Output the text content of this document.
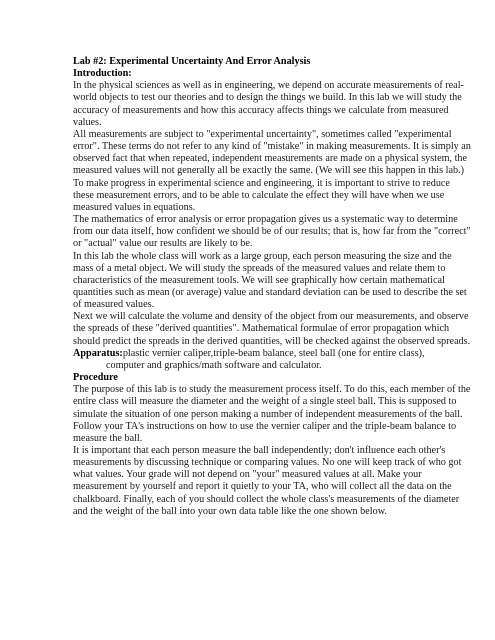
Lab #2: Experimental Uncertainty And Error Analysis
Introduction:

In the physical sciences as well as in engineering, we depend on accurate measurements of real-world objects to test our theories and to design the things we build. In this lab we will study the accuracy of measurements and how this accuracy affects things we calculate from measured values.

All measurements are subject to "experimental uncertainty", sometimes called "experimental error". These terms do not refer to any kind of "mistake" in making measurements. It is simply an observed fact that when repeated, independent measurements are made on a physical system, the measured values will not generally all be exactly the same. (We will see this happen in this lab.) To make progress in experimental science and engineering, it is important to strive to reduce these measurement errors, and to be able to calculate the effect they will have when we use measured values in equations.

The mathematics of error analysis or error propagation gives us a systematic way to determine from our data itself, how confident we should be of our results; that is, how far from the "correct" or "actual" value our results are likely to be.

In this lab the whole class will work as a large group, each person measuring the size and the mass of a metal object. We will study the spreads of the measured values and relate them to characteristics of the measurement tools. We will see graphically how certain mathematical quantities such as mean (or average) value and standard deviation can be used to describe the set of measured values.

Next we will calculate the volume and density of the object from our measurements, and observe the spreads of these "derived quantities". Mathematical formulae of error propagation which should predict the spreads in the derived quantities, will be checked against the observed spreads.

Apparatus:plastic vernier caliper,triple-beam balance, steel ball (one for entire class),
computer and graphics/math software and calculator.
Procedure

The purpose of this lab is to study the measurement process itself. To do this, each member of the entire class will measure the diameter and the weight of a single steel ball. This is supposed to simulate the situation of one person making a number of independent measurements of the ball. Follow your TA's instructions on how to use the vernier caliper and the triple-beam balance to measure the ball.

It is important that each person measure the ball independently; don't influence each other's measurements by discussing technique or comparing values. No one will keep track of who got what values. Your grade will not depend on "your" measured values at all. Make your measurement by yourself and report it quietly to your TA, who will collect all the data on the chalkboard. Finally, each of you should collect the whole class's measurements of the diameter and the weight of the ball into your own data table like the one shown below.
